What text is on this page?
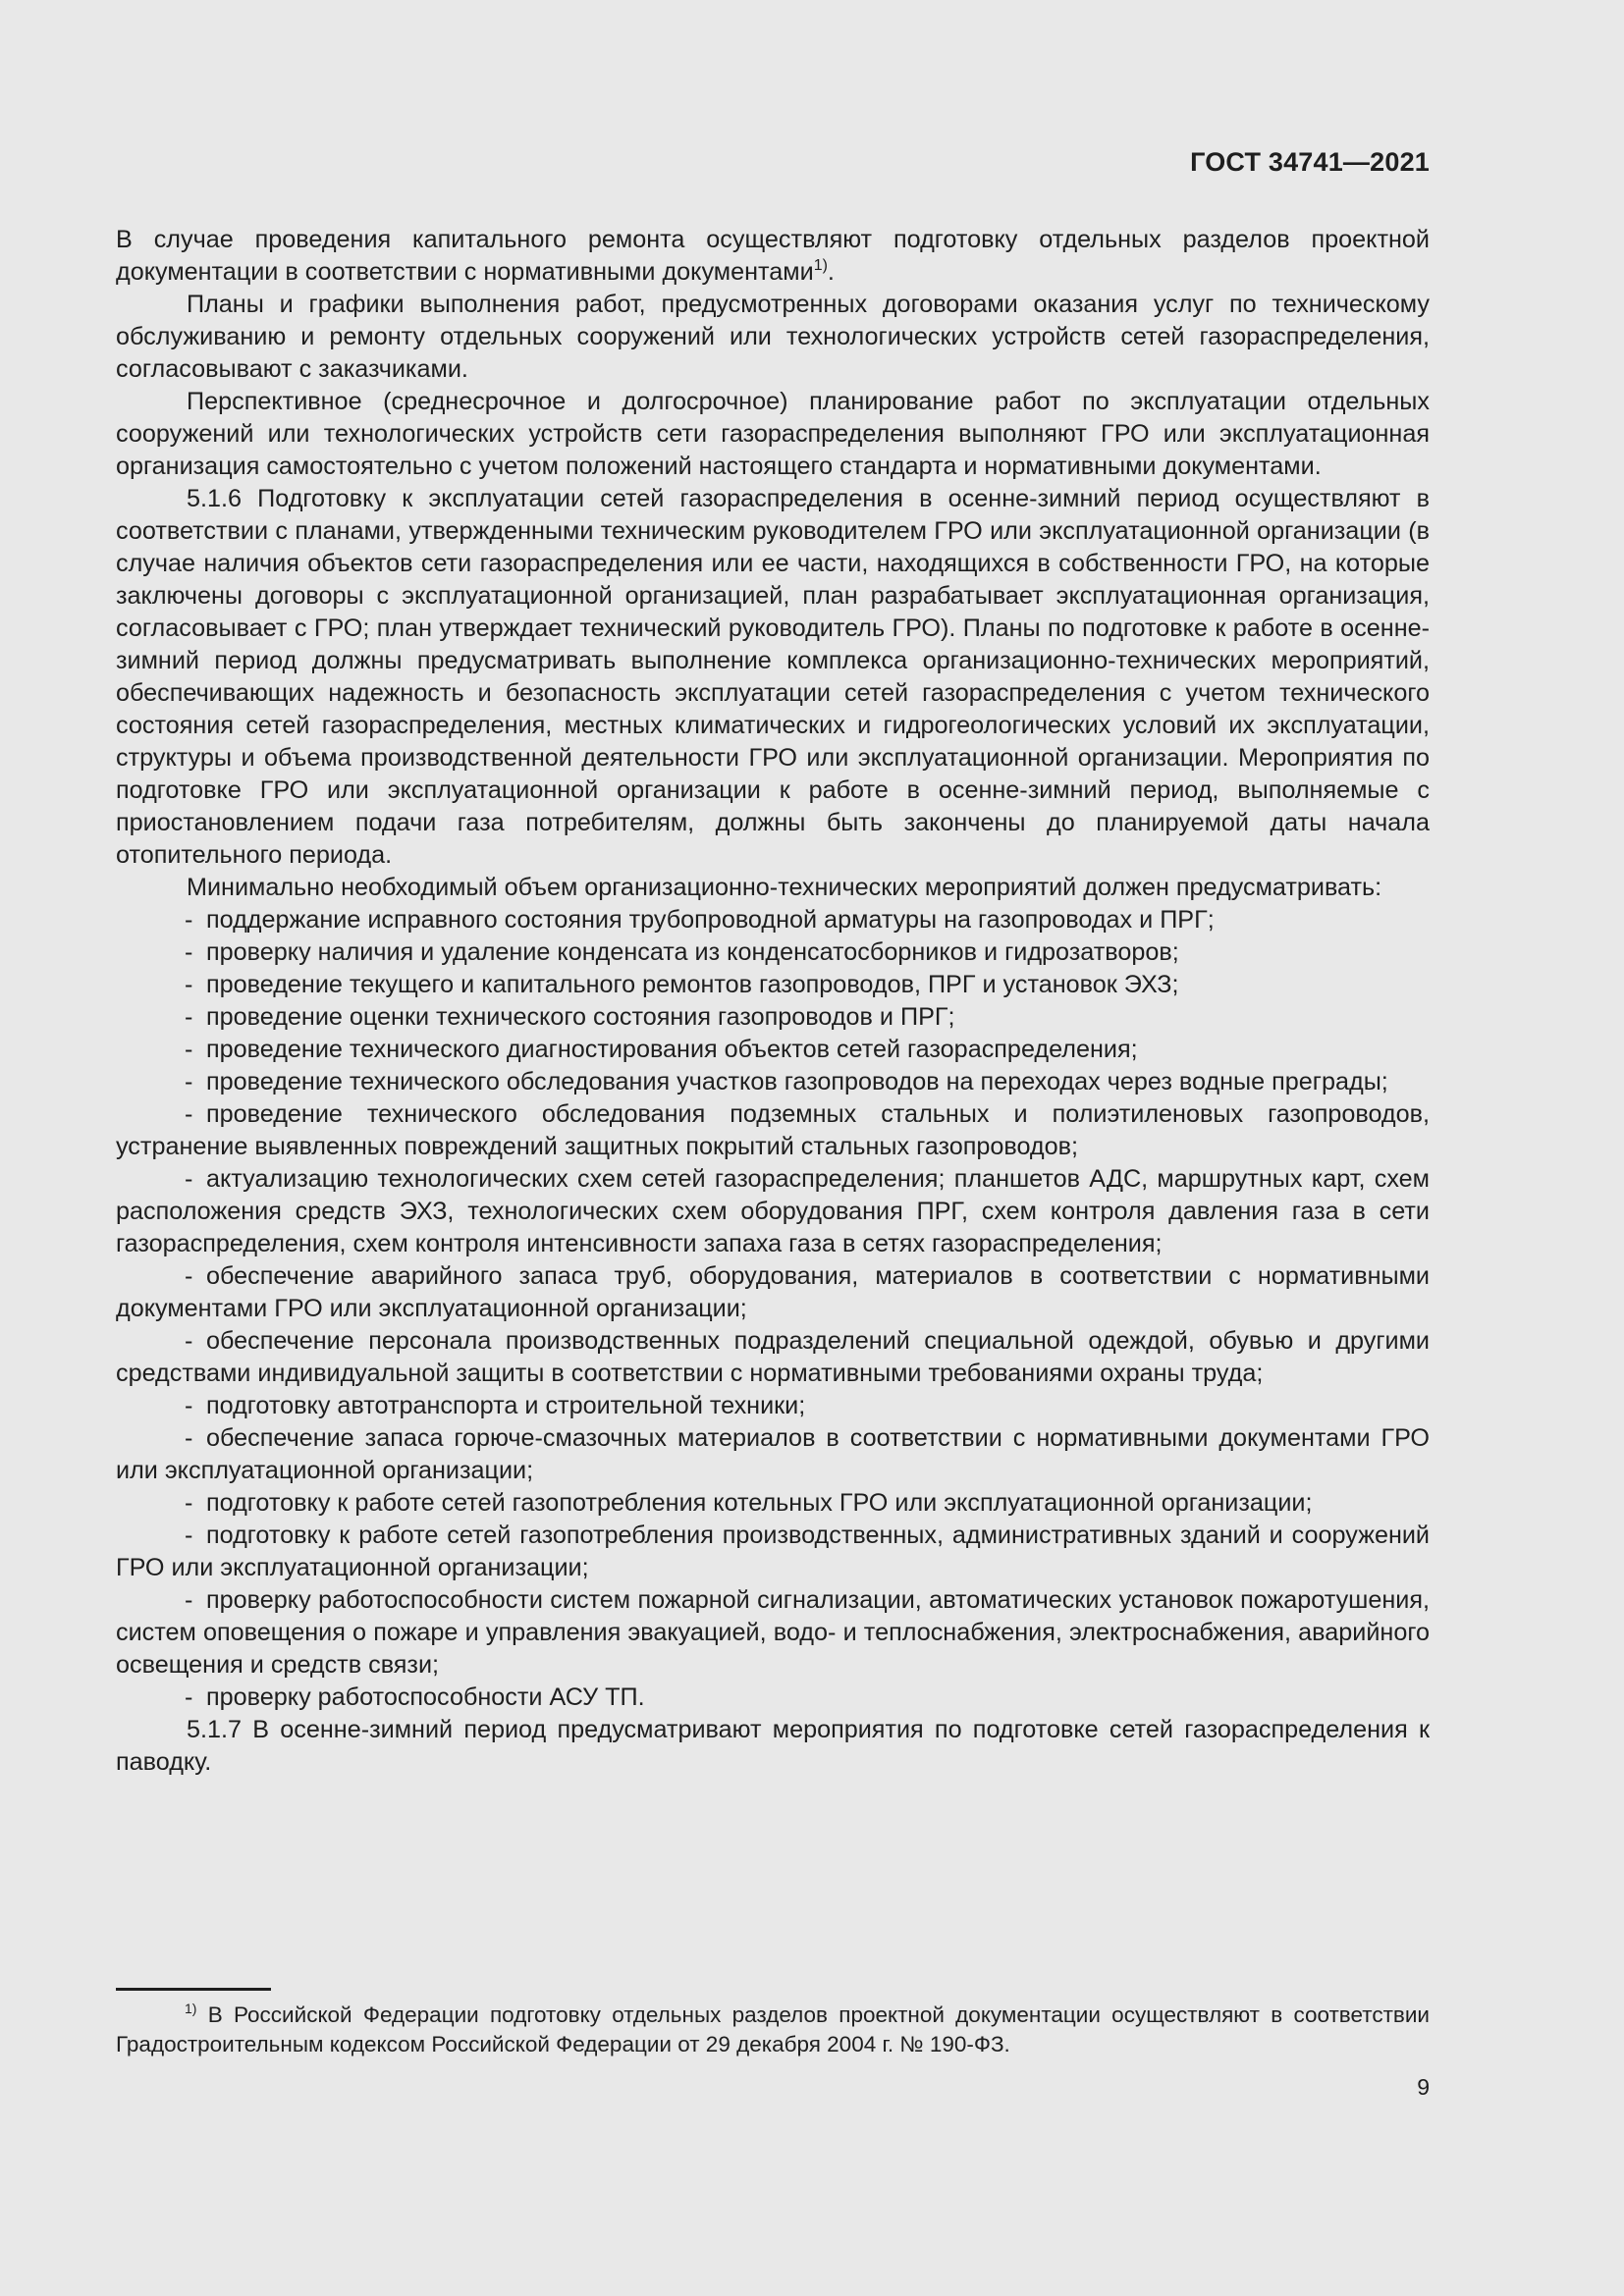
ГОСТ 34741—2021

В случае проведения капитального ремонта осуществляют подготовку отдельных разделов проектной документации в соответствии с нормативными документами$^{1)}$.

Планы и графики выполнения работ, предусмотренных договорами оказания услуг по техническому обслуживанию и ремонту отдельных сооружений или технологических устройств сетей газораспределения, согласовывают с заказчиками.

Перспективное (среднесрочное и долгосрочное) планирование работ по эксплуатации отдельных сооружений или технологических устройств сети газораспределения выполняют ГРО или эксплуатационная организация самостоятельно с учетом положений настоящего стандарта и нормативными документами.

5.1.6 Подготовку к эксплуатации сетей газораспределения в осенне-зимний период осуществляют в соответствии с планами, утвержденными техническим руководителем ГРО или эксплуатационной организации (в случае наличия объектов сети газораспределения или ее части, находящихся в собственности ГРО, на которые заключены договоры с эксплуатационной организацией, план разрабатывает эксплуатационная организация, согласовывает с ГРО; план утверждает технический руководитель ГРО). Планы по подготовке к работе в осенне-зимний период должны предусматривать выполнение комплекса организационно-технических мероприятий, обеспечивающих надежность и безопасность эксплуатации сетей газораспределения с учетом технического состояния сетей газораспределения, местных климатических и гидрогеологических условий их эксплуатации, структуры и объема производственной деятельности ГРО или эксплуатационной организации. Мероприятия по подготовке ГРО или эксплуатационной организации к работе в осенне-зимний период, выполняемые с приостановлением подачи газа потребителям, должны быть закончены до планируемой даты начала отопительного периода.

Минимально необходимый объем организационно-технических мероприятий должен предусматривать:

- поддержание исправного состояния трубопроводной арматуры на газопроводах и ПРГ;

- проверку наличия и удаление конденсата из конденсатосборников и гидрозатворов;

- проведение текущего и капитального ремонтов газопроводов, ПРГ и установок ЭХЗ;

- проведение оценки технического состояния газопроводов и ПРГ;

- проведение технического диагностирования объектов сетей газораспределения;

- проведение технического обследования участков газопроводов на переходах через водные преграды;

- проведение технического обследования подземных стальных и полиэтиленовых газопроводов, устранение выявленных повреждений защитных покрытий стальных газопроводов;

- актуализацию технологических схем сетей газораспределения; планшетов АДС, маршрутных карт, схем расположения средств ЭХЗ, технологических схем оборудования ПРГ, схем контроля давления газа в сети газораспределения, схем контроля интенсивности запаха газа в сетях газораспределения;

- обеспечение аварийного запаса труб, оборудования, материалов в соответствии с нормативными документами ГРО или эксплуатационной организации;

- обеспечение персонала производственных подразделений специальной одеждой, обувью и другими средствами индивидуальной защиты в соответствии с нормативными требованиями охраны труда;

- подготовку автотранспорта и строительной техники;

- обеспечение запаса горюче-смазочных материалов в соответствии с нормативными документами ГРО или эксплуатационной организации;

- подготовку к работе сетей газопотребления котельных ГРО или эксплуатационной организации;

- подготовку к работе сетей газопотребления производственных, административных зданий и сооружений ГРО или эксплуатационной организации;

- проверку работоспособности систем пожарной сигнализации, автоматических установок пожаротушения, систем оповещения о пожаре и управления эвакуацией, водо- и теплоснабжения, электроснабжения, аварийного освещения и средств связи;

- проверку работоспособности АСУ ТП.

5.1.7 В осенне-зимний период предусматривают мероприятия по подготовке сетей газораспределения к паводку.

$^{1)}$ В Российской Федерации подготовку отдельных разделов проектной документации осуществляют в соответствии Градостроительным кодексом Российской Федерации от 29 декабря 2004 г. № 190-ФЗ.

9
